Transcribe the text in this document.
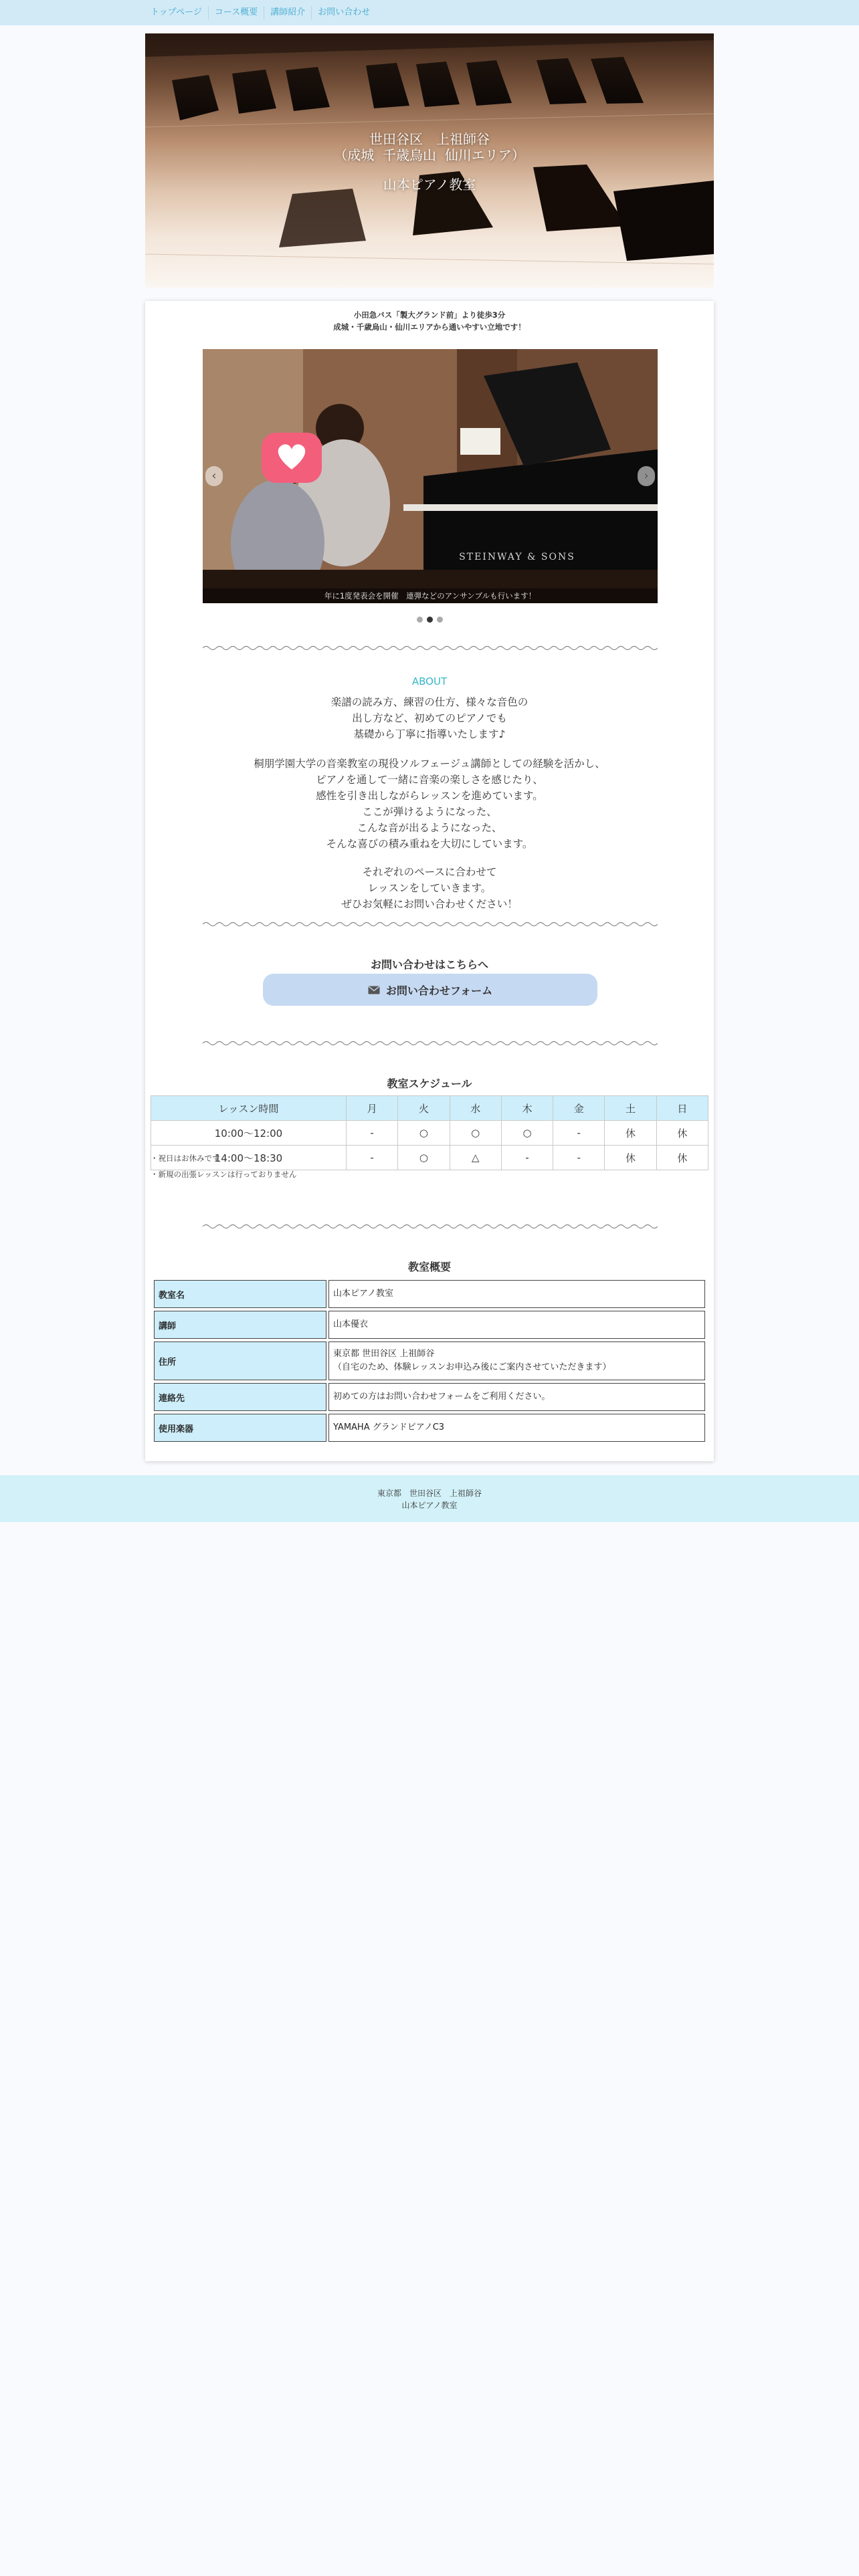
トップページ	コース概要	講師紹介	お問い合わせ
世田谷区　上祖師谷
（成城  千歳烏山  仙川エリア）
山本ピアノ教室
小田急バス「製大グランド前」より徒歩3分
成城・千歳烏山・仙川エリアから通いやすい立地です！
STEINWAY & SONS
‹	›
年に1度発表会を開催　連弾などのアンサンブルも行います！
ABOUT
楽譜の読み方、練習の仕方、様々な音色の
出し方など、初めてのピアノでも
基礎から丁寧に指導いたします♪
桐朋学園大学の音楽教室の現役ソルフェージュ講師としての経験を活かし、
ピアノを通して一緒に音楽の楽しさを感じたり、
感性を引き出しながらレッスンを進めています。
ここが弾けるようになった、
こんな音が出るようになった、
そんな喜びの積み重ねを大切にしています。
それぞれのペースに合わせて
レッスンをしていきます。
ぜひお気軽にお問い合わせください！
お問い合わせはこちらへ
お問い合わせフォーム
教室スケジュール
レッスン時間	月	火	水	木	金	土	日
10:00〜12:00	-	○	○	○	-	休	休
14:00〜18:30	-	○	△	-	-	休	休
・祝日はお休みです
・新規の出張レッスンは行っておりません
教室概要
教室名	山本ピアノ教室

講師	山本優衣

住所	東京都 世田谷区 上祖師谷
（自宅のため、体験レッスンお申込み後にご案内させていただきます）

連絡先	初めての方はお問い合わせフォームをご利用ください。

使用楽器	YAMAHA グランドピアノC3
東京都　世田谷区　上祖師谷
山本ピアノ教室
